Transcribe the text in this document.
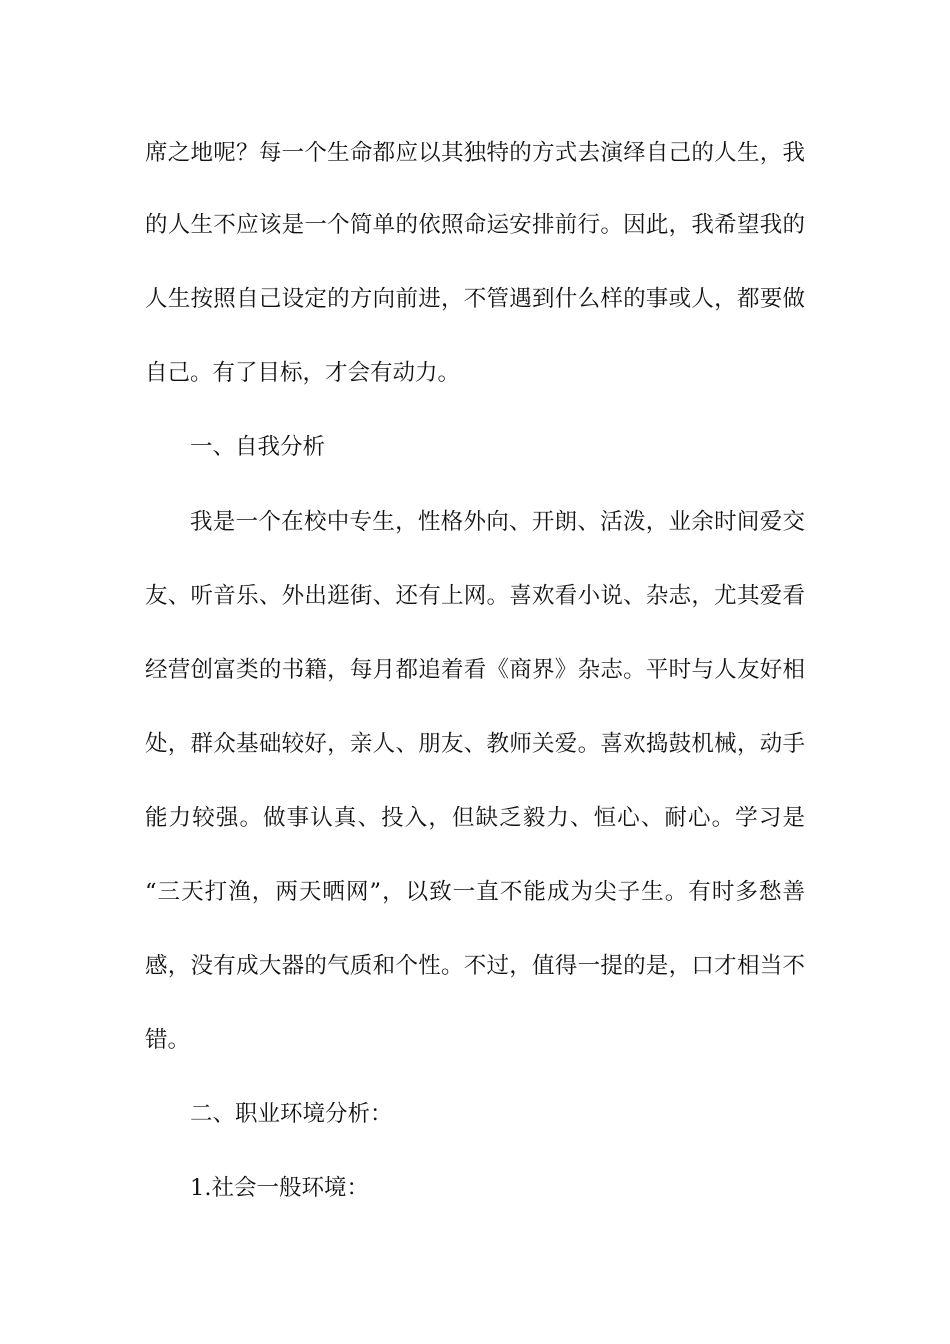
席之地呢？每一个生命都应以其独特的方式去演绎自己的人生，我
的人生不应该是一个简单的依照命运安排前行。因此，我希望我的
人生按照自己设定的方向前进，不管遇到什么样的事或人，都要做
自己。有了目标，才会有动力。
一、自我分析
我是一个在校中专生，性格外向、开朗、活泼，业余时间爱交
友、听音乐、外出逛街、还有上网。喜欢看小说、杂志，尤其爱看
经营创富类的书籍，每月都追着看《商界》杂志。平时与人友好相
处，群众基础较好，亲人、朋友、教师关爱。喜欢捣鼓机械，动手
能力较强。做事认真、投入，但缺乏毅力、恒心、耐心。学习是
“三天打渔，两天晒网”，以致一直不能成为尖子生。有时多愁善
感，没有成大器的气质和个性。不过，值得一提的是，口才相当不
错。
二、职业环境分析：
1.社会一般环境：
